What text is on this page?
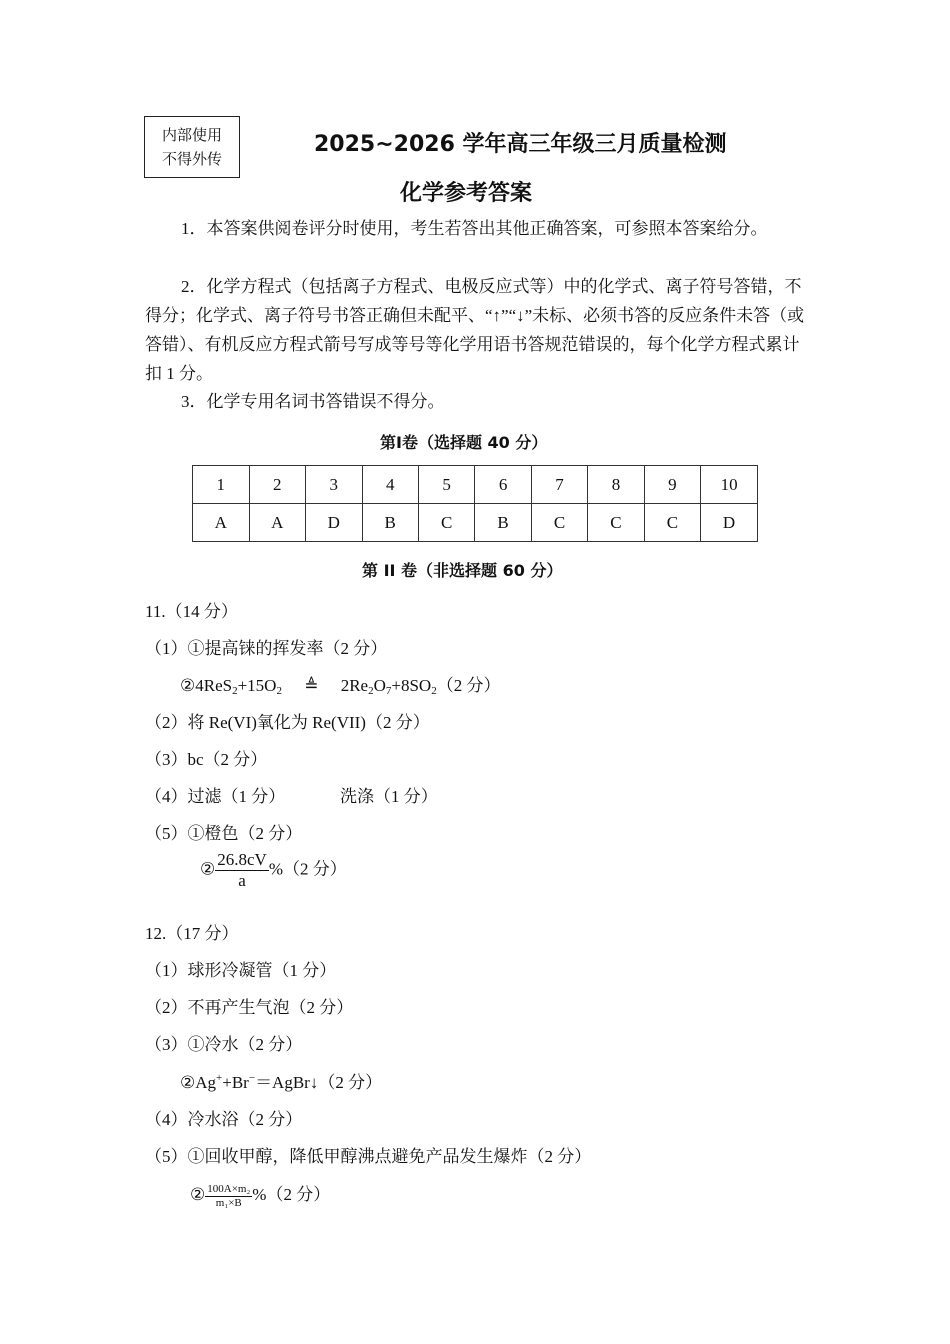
内部使用
不得外传
2025~2026 学年高三年级三月质量检测
化学参考答案
1．本答案供阅卷评分时使用，考生若答出其他正确答案，可参照本答案给分。
2．化学方程式（包括离子方程式、电极反应式等）中的化学式、离子符号答错，不得分；化学式、离子符号书答正确但未配平、“↑”“↓”未标、必须书答的反应条件未答（或答错）、有机反应方程式箭号写成等号等化学用语书答规范错误的，每个化学方程式累计扣 1 分。
3．化学专用名词书答错误不得分。
第Ⅰ卷（选择题 40 分）
1	2	3	4	5	6	7	8	9	10
A	A	D	B	C	B	C	C	C	D
第 II 卷（非选择题 60 分）
11.（14 分）
（1）①提高铼的挥发率（2 分）
$②4ReS_2+15O_2$ ≜ $2Re_2O_7+8SO_2(2$ 分）
（2）将 Re(VI)氧化为 Re(VII)（2 分）
（3）bc（2 分）
（4）过滤（1 分）	洗涤（1 分）
（5）①橙色（2 分）
② $\frac{26.8cV}{a} \%(2$ 分）
12.（17 分）
（1）球形冷凝管（1 分）
（2）不再产生气泡（2 分）
（3）①冷水（2 分）
②Ag++Br−＝AgBr↓（2 分）
（4）冷水浴（2 分）
（5）①回收甲醇，降低甲醇沸点避免产品发生爆炸（2 分）
② $\frac{\text{100A×m₂}}{\text{m₁×B}} \%(2$ 分）
